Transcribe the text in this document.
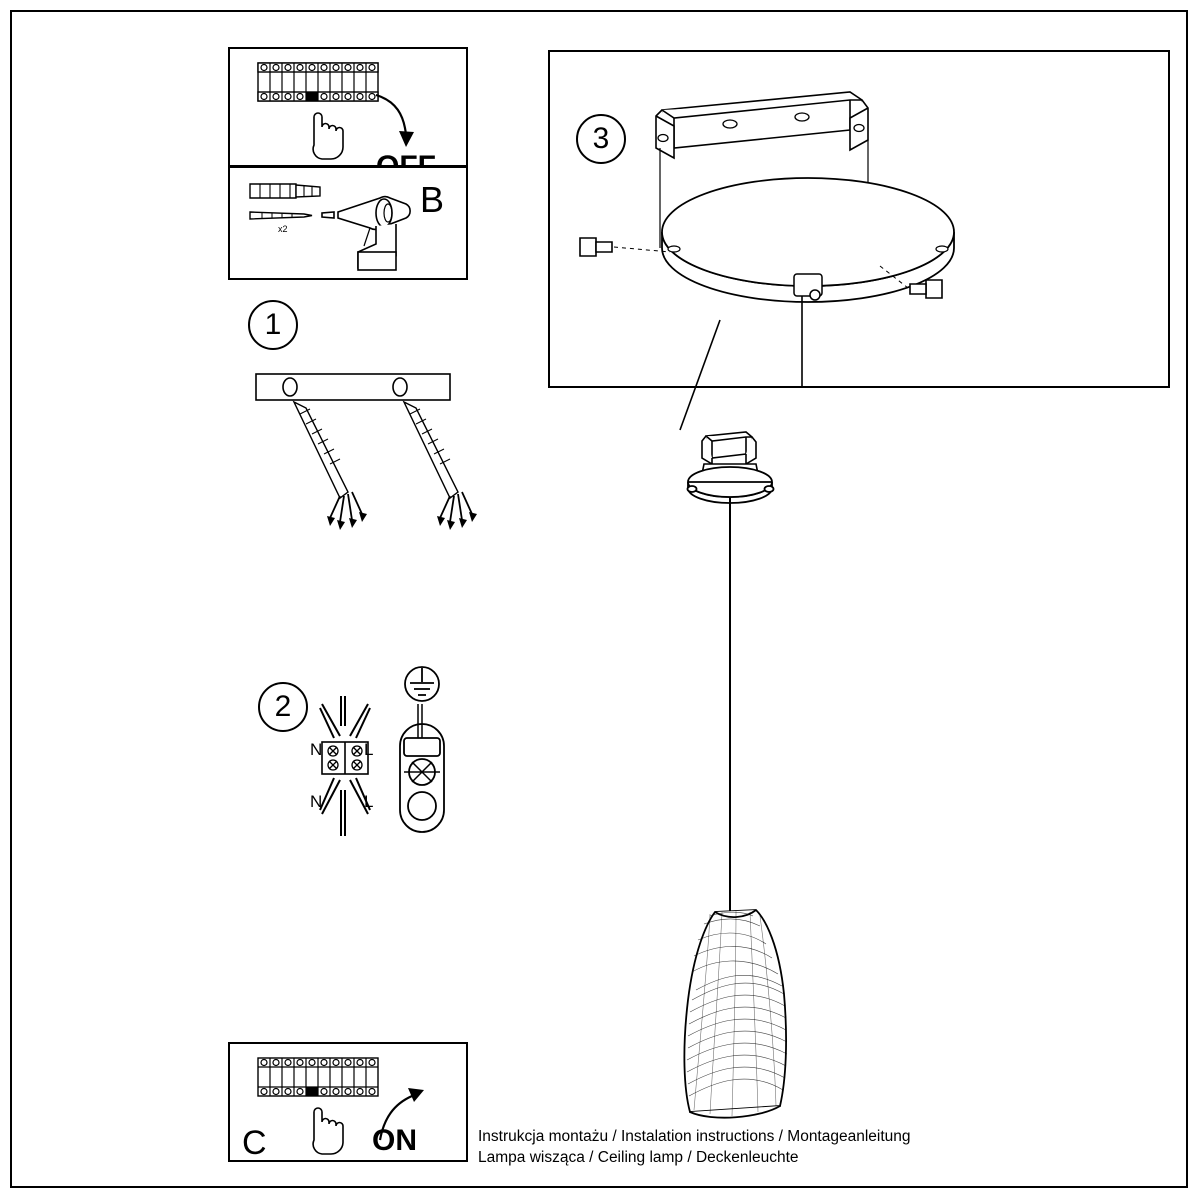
x2
B
1
2
N L
N L
3
C	ON	Instrukcja montażu / Instalation instructions / Montageanleitung
Lampa wisząca / Ceiling lamp / Deckenleuchte
